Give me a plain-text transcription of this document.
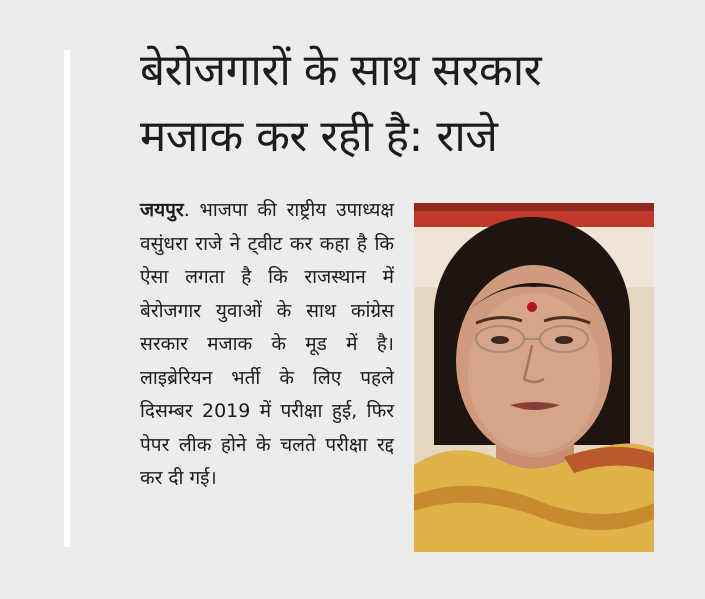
बेरोजगारों के साथ सरकार
मजाक कर रही है: राजे
जयपुर. भाजपा की राष्ट्रीय उपाध्यक्ष वसुंधरा राजे ने ट्वीट कर कहा है कि ऐसा लगता है कि राजस्थान में बेरोजगार युवाओं के साथ कांग्रेस सरकार मजाक के मूड में है। लाइब्रेरियन भर्ती के लिए पहले दिसम्बर 2019 में परीक्षा हुई, फिर पेपर लीक होने के चलते परीक्षा रद्द कर दी गई।
